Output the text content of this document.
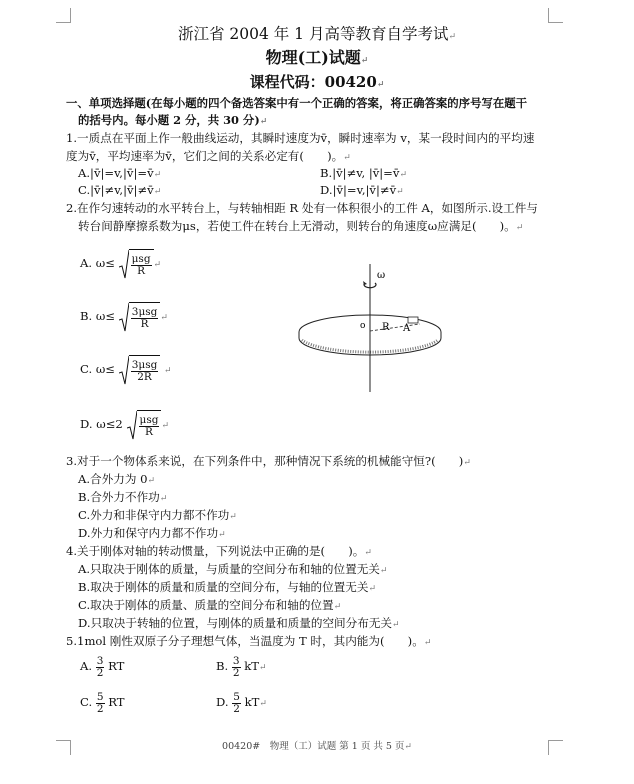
浙江省 2004 年 1 月高等教育自学考试↵
物理(工)试题↵
课程代码：00420↵
一、单项选择题(在每小题的四个备选答案中有一个正确的答案，将正确答案的序号写在题干
的括号内。每小题 2 分，共 30 分)↵
1.一质点在平面上作一般曲线运动，其瞬时速度为v̄，瞬时速率为 v，某一段时间内的平均速
度为v̄，平均速率为v̄，它们之间的关系必定有(　　)。↵
A.|v̄|=v,|v̄|=v̄↵	B.|v̄|≠v, |v̄|=v̄↵
C.|v̄|≠v,|v̄|≠v̄↵	D.|v̄|=v,|v̄|≠v̄↵
2.在作匀速转动的水平转台上，与转轴相距 R 处有一体积很小的工件 A，如图所示.设工件与
转台间静摩擦系数为μs，若使工件在转台上无滑动，则转台的角速度ω应满足(　　)。↵
A. $\omega\le \frac{\text{μsg}}{R}$ ↵
B. $\omega\le \frac{\text{3μsg}}{R}$ ↵
C. $\omega\le \frac{\text{3μsg}}{2R}$ ↵
D. $\omega\le 2 \frac{\text{μsg}}{R}$ ↵
ω
o R A
3.对于一个物体系来说，在下列条件中，那种情况下系统的机械能守恒?(　　)↵
A.合外力为 0↵
B.合外力不作功↵
C.外力和非保守内力都不作功↵
D.外力和保守内力都不作功↵
4.关于刚体对轴的转动惯量，下列说法中正确的是(　　)。↵
A.只取决于刚体的质量，与质量的空间分布和轴的位置无关↵
B.取决于刚体的质量和质量的空间分布，与轴的位置无关↵
C.取决于刚体的质量、质量的空间分布和轴的位置↵
D.只取决于转轴的位置，与刚体的质量和质量的空间分布无关↵
5.1mol 刚性双原子分子理想气体，当温度为 T 时，其内能为(　　)。↵
A. $\frac{3}{2}$ RT	B. $\frac{3}{2}$ kT↵
C. $\frac{5}{2}$ RT	D. $\frac{5}{2}$ kT↵
00420#　物理（工）试题 第 1 页 共 5 页↵
